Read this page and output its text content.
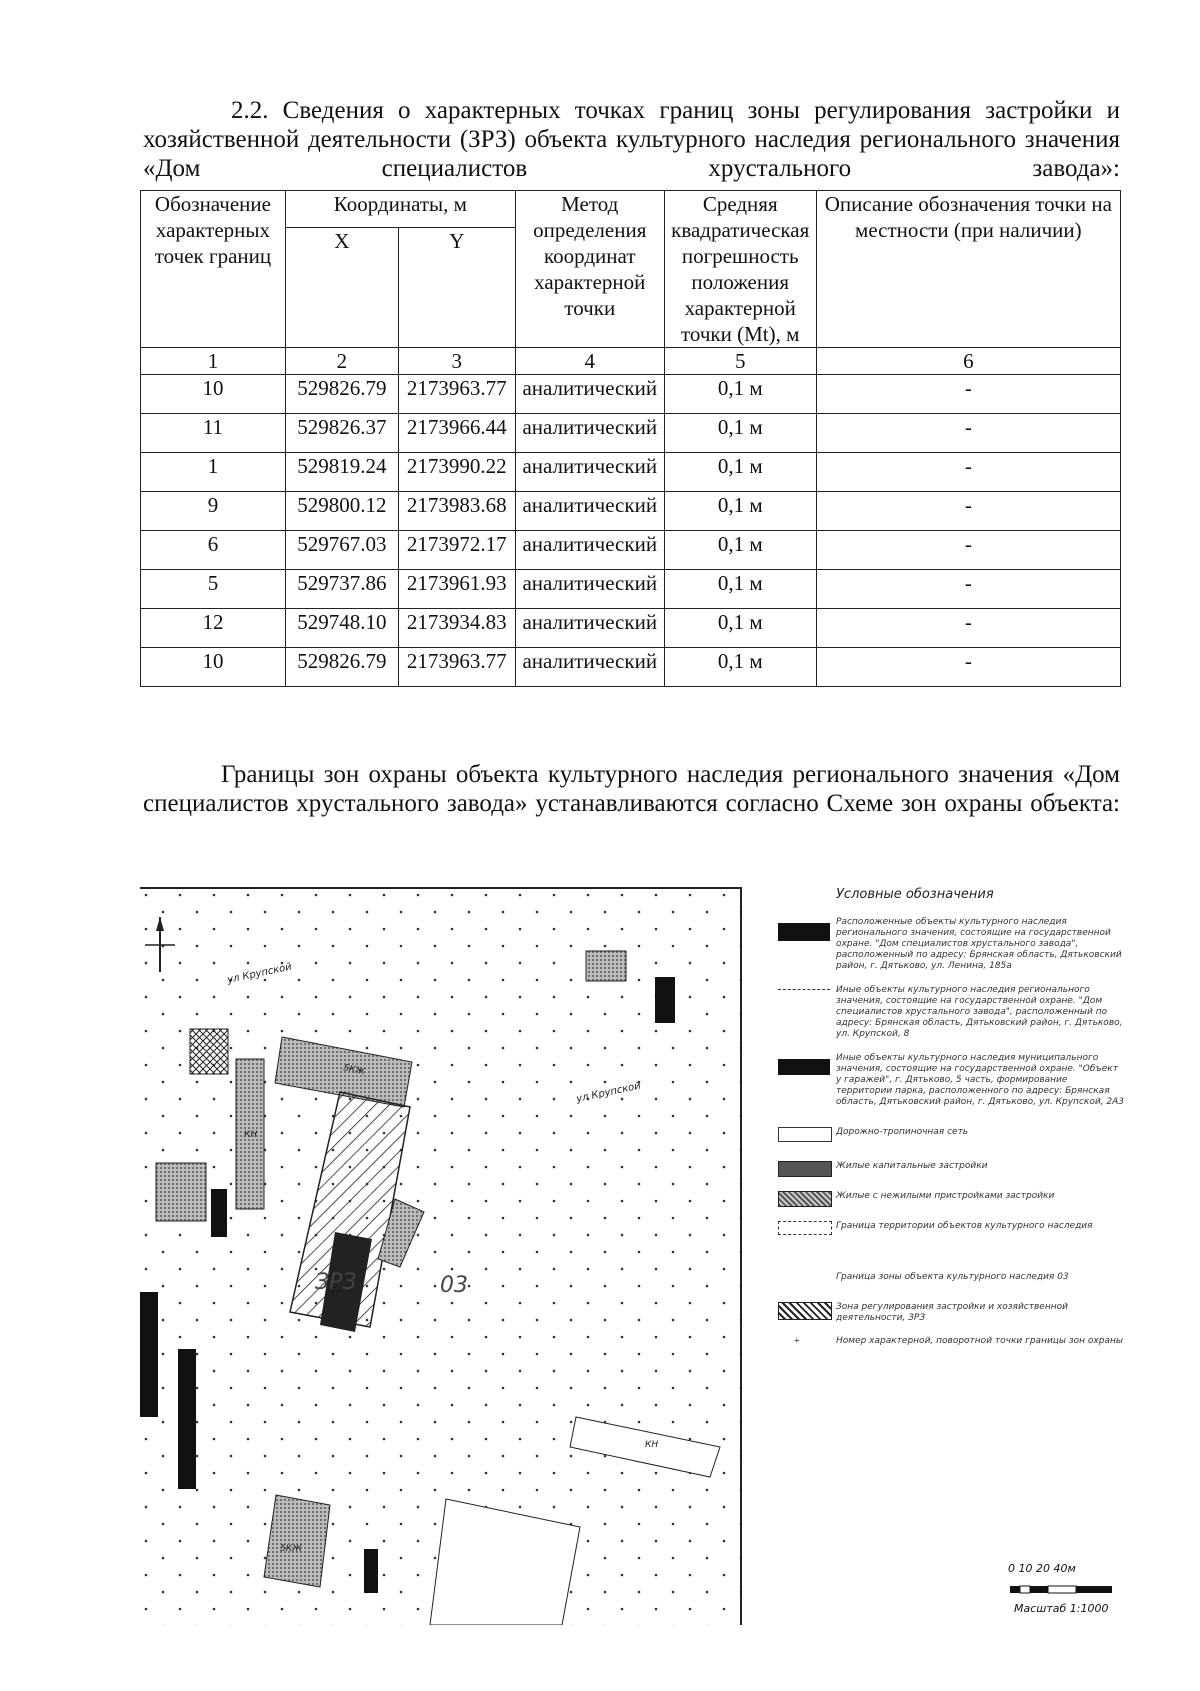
2.2. Сведения о характерных точках границ зоны регулирования застройки и хозяйственной деятельности (ЗРЗ) объекта культурного наследия регионального значения «Дом специалистов хрустального завода»:
Обозначение характерных точек границ	Координаты, м		Метод определения координат характерной точки	Средняя квадратическая погрешность положения характерной точки (Mt), м	Описание обозначения точки на местности (при наличии)
	X	Y			
1	2	3	4	5	6
10	529826.79	2173963.77	аналитический	0,1 м	-
11	529826.37	2173966.44	аналитический	0,1 м	-
1	529819.24	2173990.22	аналитический	0,1 м	-
9	529800.12	2173983.68	аналитический	0,1 м	-
6	529767.03	2173972.17	аналитический	0,1 м	-
5	529737.86	2173961.93	аналитический	0,1 м	-
12	529748.10	2173934.83	аналитический	0,1 м	-
10	529826.79	2173963.77	аналитический	0,1 м	-
Границы зон охраны объекта культурного наследия регионального значения «Дом специалистов хрустального завода» устанавливаются согласно Схеме зон охраны объекта:
ул Крупской
ул Крупской
ЗРЗ	03
5КЖ
КН
5КЖ
КН
Условные обозначения
Расположенные объекты культурного наследия регионального значения, состоящие на государственной охране. "Дом специалистов хрустального завода", расположенный по адресу: Брянская область, Дятьковский район, г. Дятьково, ул. Ленина, 185а
Иные объекты культурного наследия регионального значения, состоящие на государственной охране. "Дом специалистов хрустального завода", расположенный по адресу: Брянская область, Дятьковский район, г. Дятьково, ул. Крупской, 8
Иные объекты культурного наследия муниципального значения, состоящие на государственной охране. "Объект у гаражей", г. Дятьково, 5 часть, формирование территории парка, расположенного по адресу: Брянская область, Дятьковский район, г. Дятьково, ул. Крупской, 2А3
Дорожно-тропиночная сеть
Жилые капитальные застройки
Жилые с нежилыми пристройками застройки
Граница территории объектов культурного наследия
Граница зоны объекта культурного наследия 03
Зона регулирования застройки и хозяйственной деятельности, ЗРЗ
+	Номер характерной, поворотной точки границы зон охраны
0 10 20 40м
Масштаб 1:1000
